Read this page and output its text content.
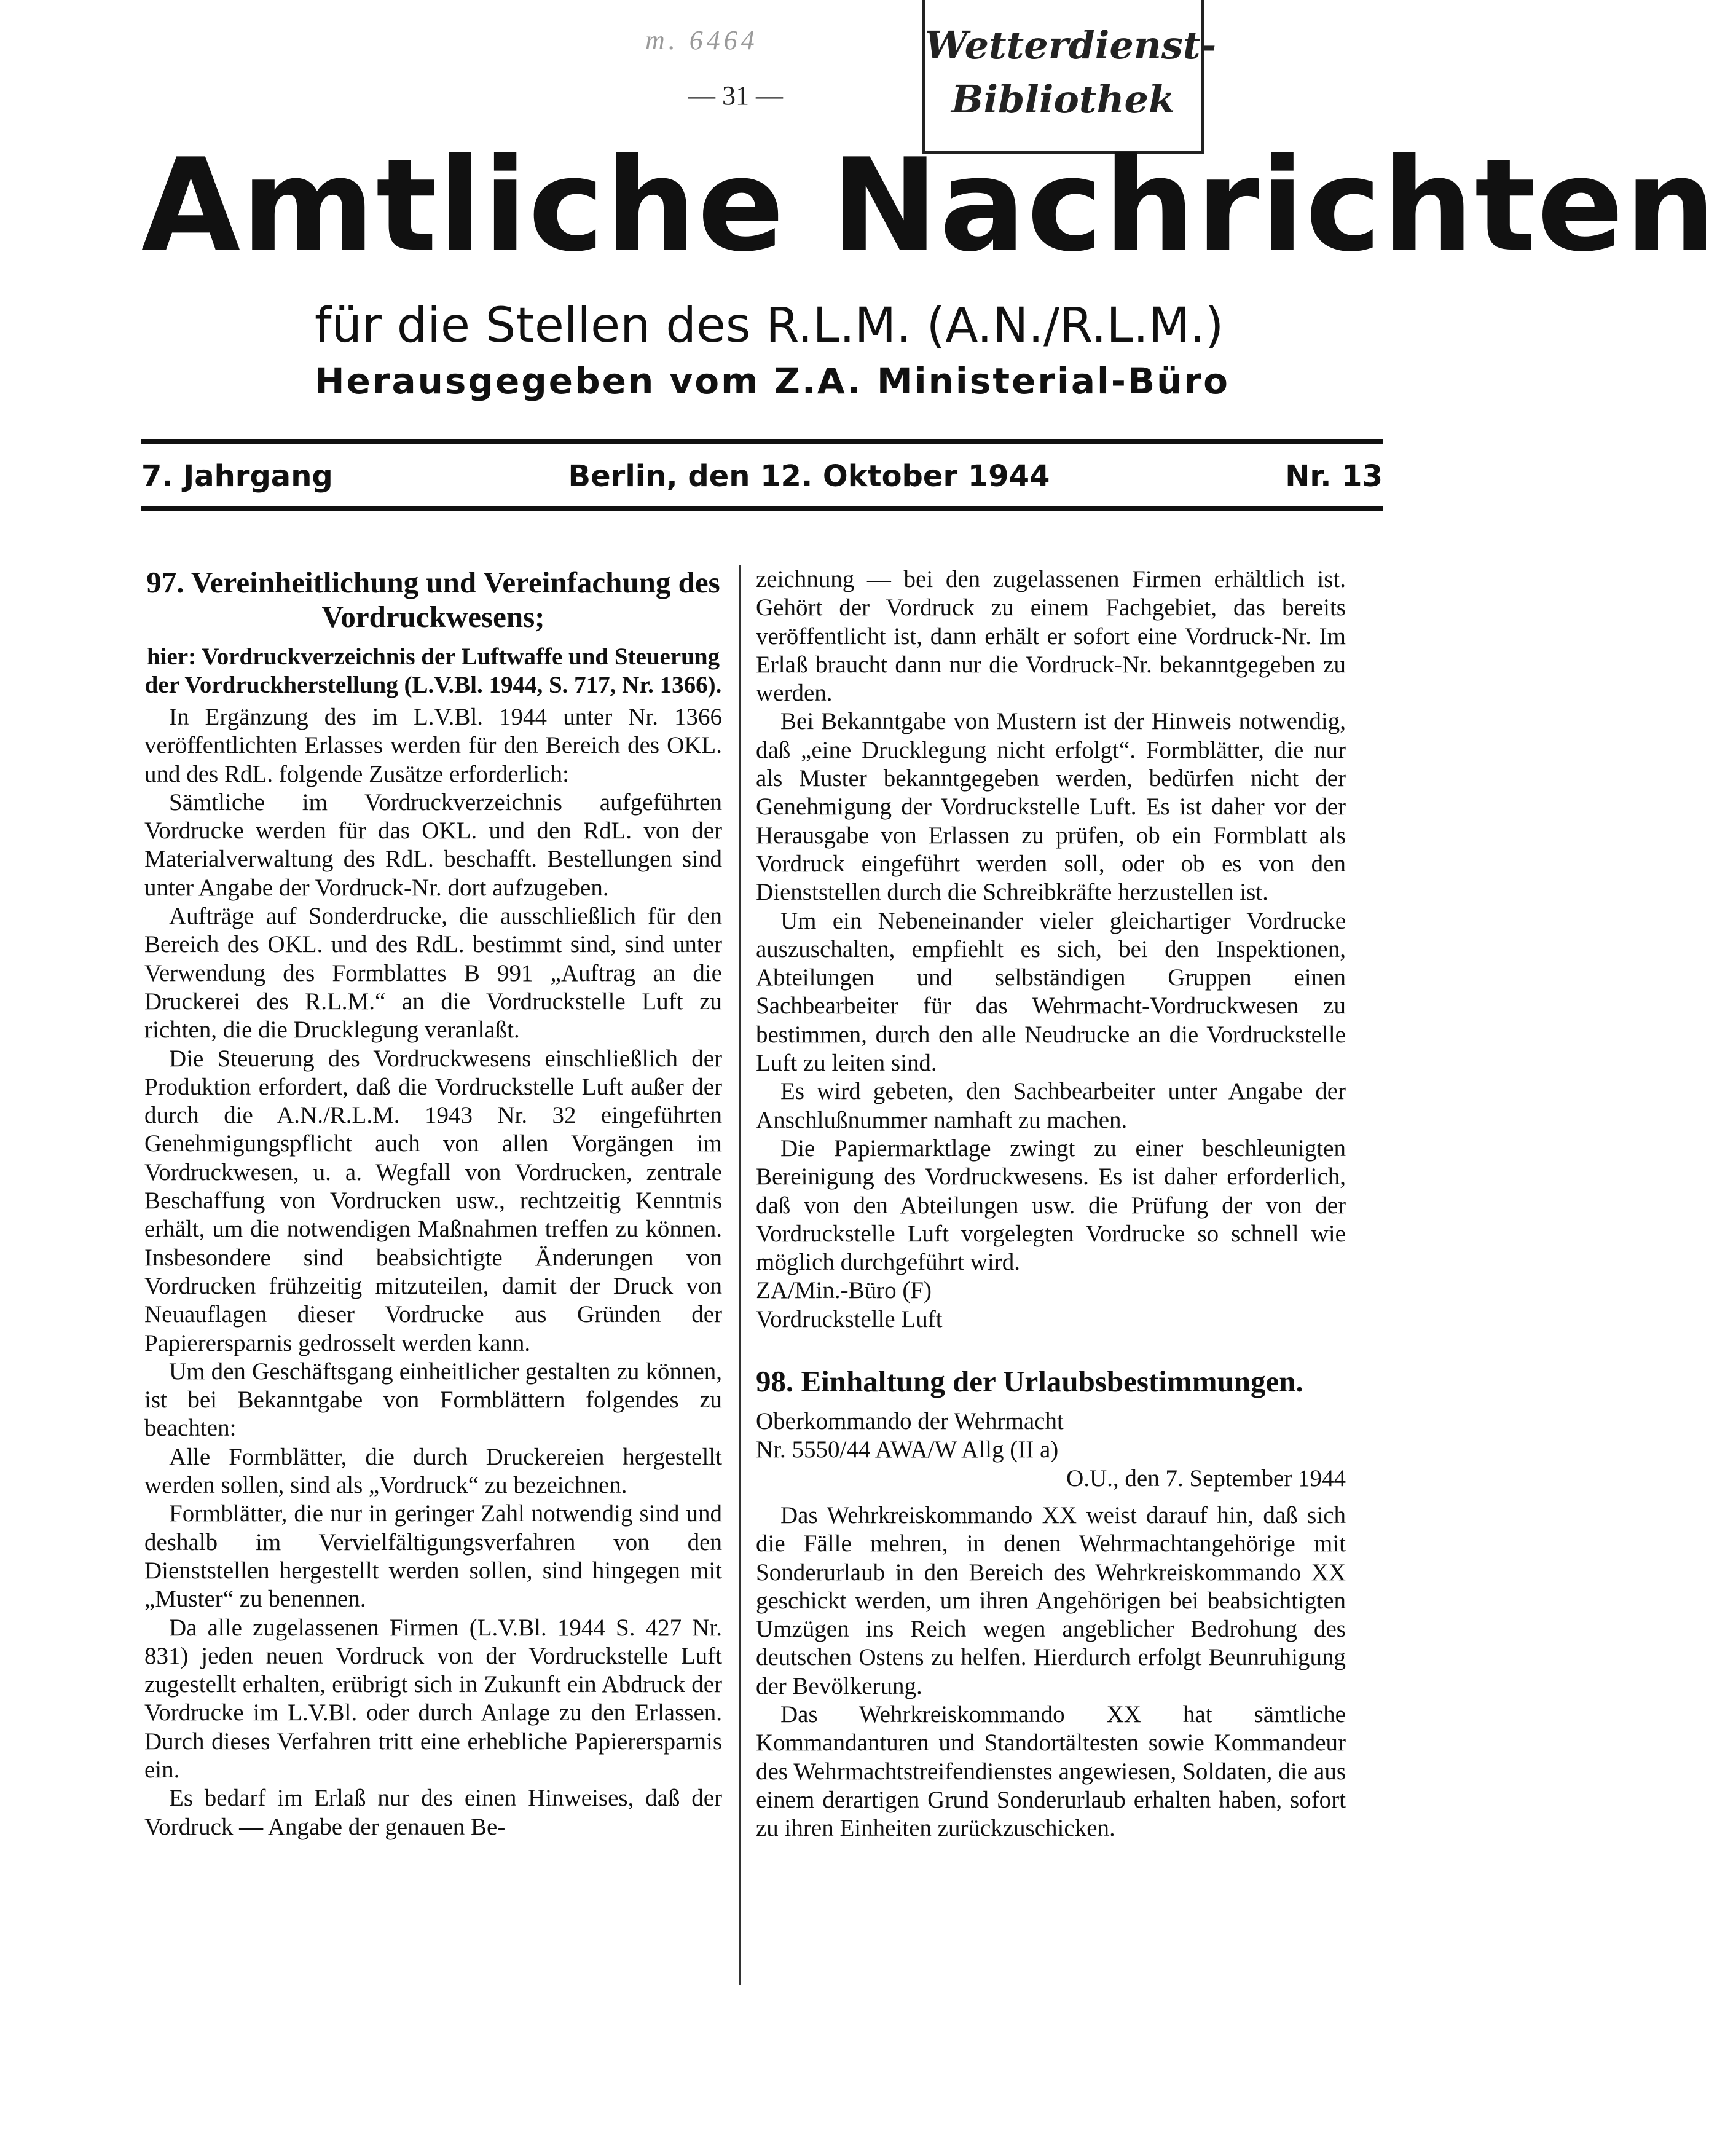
m. 6464
— 31 —
Wetterdienst-
Bibliothek
Amtliche Nachrichten
für die Stellen des R.L.M. (A.N./R.L.M.)
Herausgegeben vom Z.A. Ministerial-Büro
7. Jahrgang	Berlin, den 12. Oktober 1944	Nr. 13
97. Vereinheitlichung und Vereinfachung des Vordruckwesens;
hier: Vordruckverzeichnis der Luftwaffe und Steuerung der Vordruckherstellung (L.V.Bl. 1944, S. 717, Nr. 1366).

In Ergänzung des im L.V.Bl. 1944 unter Nr. 1366 veröffentlichten Erlasses werden für den Bereich des OKL. und des RdL. folgende Zusätze erforderlich:

Sämtliche im Vordruckverzeichnis aufgeführten Vordrucke werden für das OKL. und den RdL. von der Materialverwaltung des RdL. beschafft. Bestellungen sind unter Angabe der Vordruck-Nr. dort aufzugeben.

Aufträge auf Sonderdrucke, die ausschließlich für den Bereich des OKL. und des RdL. bestimmt sind, sind unter Verwendung des Formblattes B 991 „Auftrag an die Druckerei des R.L.M.“ an die Vordruckstelle Luft zu richten, die die Drucklegung veranlaßt.

Die Steuerung des Vordruckwesens einschließlich der Produktion erfordert, daß die Vordruckstelle Luft außer der durch die A.N./R.L.M. 1943 Nr. 32 eingeführten Genehmigungspflicht auch von allen Vorgängen im Vordruckwesen, u. a. Wegfall von Vordrucken, zentrale Beschaffung von Vordrucken usw., rechtzeitig Kenntnis erhält, um die notwendigen Maßnahmen treffen zu können. Insbesondere sind beabsichtigte Änderungen von Vordrucken frühzeitig mitzuteilen, damit der Druck von Neuauflagen dieser Vordrucke aus Gründen der Papierersparnis gedrosselt werden kann.

Um den Geschäftsgang einheitlicher gestalten zu können, ist bei Bekanntgabe von Formblättern folgendes zu beachten:

Alle Formblätter, die durch Druckereien hergestellt werden sollen, sind als „Vordruck“ zu bezeichnen.

Formblätter, die nur in geringer Zahl notwendig sind und deshalb im Vervielfältigungsverfahren von den Dienststellen hergestellt werden sollen, sind hingegen mit „Muster“ zu benennen.

Da alle zugelassenen Firmen (L.V.Bl. 1944 S. 427 Nr. 831) jeden neuen Vordruck von der Vordruckstelle Luft zugestellt erhalten, erübrigt sich in Zukunft ein Abdruck der Vordrucke im L.V.Bl. oder durch Anlage zu den Erlassen. Durch dieses Verfahren tritt eine erhebliche Papierersparnis ein.

Es bedarf im Erlaß nur des einen Hinweises, daß der Vordruck — Angabe der genauen Be-

zeichnung — bei den zugelassenen Firmen erhältlich ist. Gehört der Vordruck zu einem Fachgebiet, das bereits veröffentlicht ist, dann erhält er sofort eine Vordruck-Nr. Im Erlaß braucht dann nur die Vordruck-Nr. bekanntgegeben zu werden.

Bei Bekanntgabe von Mustern ist der Hinweis notwendig, daß „eine Drucklegung nicht erfolgt“. Formblätter, die nur als Muster bekanntgegeben werden, bedürfen nicht der Genehmigung der Vordruckstelle Luft. Es ist daher vor der Herausgabe von Erlassen zu prüfen, ob ein Formblatt als Vordruck eingeführt werden soll, oder ob es von den Dienststellen durch die Schreibkräfte herzustellen ist.

Um ein Nebeneinander vieler gleichartiger Vordrucke auszuschalten, empfiehlt es sich, bei den Inspektionen, Abteilungen und selbständigen Gruppen einen Sachbearbeiter für das Wehrmacht-Vordruckwesen zu bestimmen, durch den alle Neudrucke an die Vordruckstelle Luft zu leiten sind.

Es wird gebeten, den Sachbearbeiter unter Angabe der Anschlußnummer namhaft zu machen.

Die Papiermarktlage zwingt zu einer beschleunigten Bereinigung des Vordruckwesens. Es ist daher erforderlich, daß von den Abteilungen usw. die Prüfung der von der Vordruckstelle Luft vorgelegten Vordrucke so schnell wie möglich durchgeführt wird.

ZA/Min.-Büro (F)

Vordruckstelle Luft

98. Einhaltung der Urlaubsbestimmungen.

Oberkommando der Wehrmacht

Nr. 5550/44 AWA/W Allg (II a)

O.U., den 7. September 1944

Das Wehrkreiskommando XX weist darauf hin, daß sich die Fälle mehren, in denen Wehrmachtangehörige mit Sonderurlaub in den Bereich des Wehrkreiskommando XX geschickt werden, um ihren Angehörigen bei beabsichtigten Umzügen ins Reich wegen angeblicher Bedrohung des deutschen Ostens zu helfen. Hierdurch erfolgt Beunruhigung der Bevölkerung.

Das Wehrkreiskommando XX hat sämtliche Kommandanturen und Standortältesten sowie Kommandeur des Wehrmachtstreifendienstes angewiesen, Soldaten, die aus einem derartigen Grund Sonderurlaub erhalten haben, sofort zu ihren Einheiten zurückzuschicken.
